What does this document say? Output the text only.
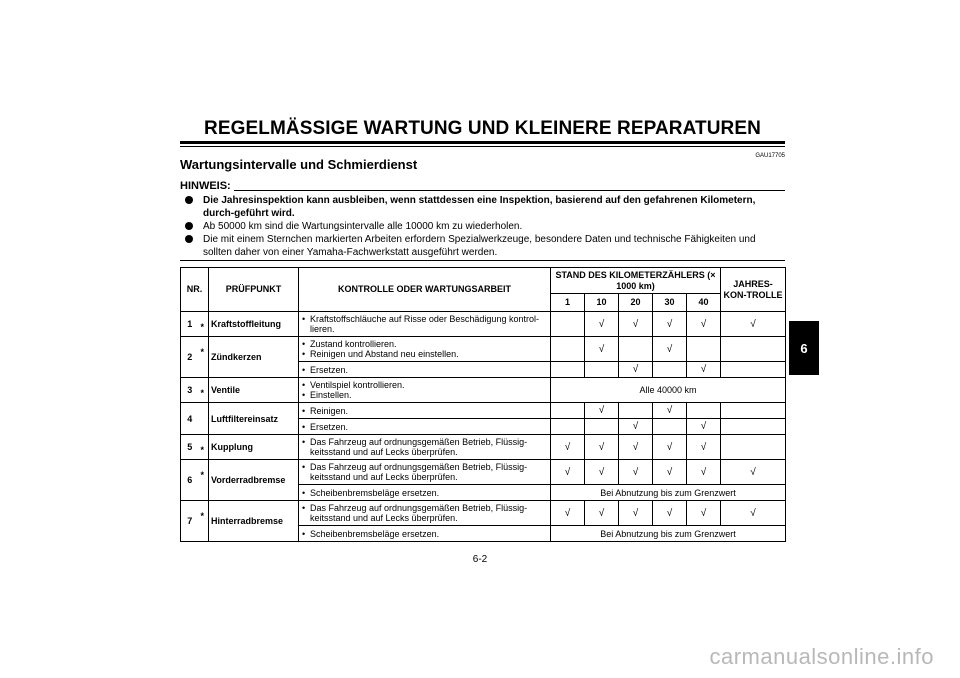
REGELMÄSSIGE WARTUNG UND KLEINERE REPARATUREN
GAU17705
Wartungsintervalle und Schmierdienst
HINWEIS:
Die Jahresinspektion kann ausbleiben, wenn stattdessen eine Inspektion, basierend auf den gefahrenen Kilometern, durch-geführt wird.
Ab 50000 km sind die Wartungsintervalle alle 10000 km zu wiederholen.
Die mit einem Sternchen markierten Arbeiten erfordern Spezialwerkzeuge, besondere Daten und technische Fähigkeiten und sollten daher von einer Yamaha-Fachwerkstatt ausgeführt werden.
NR.		PRÜFPUNKT	KONTROLLE ODER WARTUNGSARBEIT	STAND DES KILOMETERZÄHLERS (× 1000 km)					JAHRES-KON-TROLLE
				1	10	20	30	40	
1	*	Kraftstoffleitung	• Kraftstoffschläuche auf Risse oder Beschädigung kontrol-lieren.		√	√	√	√	√
2	*	Zündkerzen	• Zustand kontrollieren.
• Reinigen und Abstand neu einstellen.		√		√		

			• Ersetzen.			√		√	
3	*	Ventile	• Ventilspiel kontrollieren.
• Einstellen.	Alle 40000 km					
4		Luftfiltereinsatz	• Reinigen.		√		√		

			• Ersetzen.			√		√	
5	*	Kupplung	• Das Fahrzeug auf ordnungsgemäßen Betrieb, Flüssig-keitsstand und auf Lecks überprüfen.	√	√	√	√	√	
6	*	Vorderradbremse	• Das Fahrzeug auf ordnungsgemäßen Betrieb, Flüssig-keitsstand und auf Lecks überprüfen.	√	√	√	√	√	√

			• Scheibenbremsbeläge ersetzen.	Bei Abnutzung bis zum Grenzwert					
7	*	Hinterradbremse	• Das Fahrzeug auf ordnungsgemäßen Betrieb, Flüssig-keitsstand und auf Lecks überprüfen.	√	√	√	√	√	√

			• Scheibenbremsbeläge ersetzen.	Bei Abnutzung bis zum Grenzwert					
6
6-2
carmanualsonline.info
